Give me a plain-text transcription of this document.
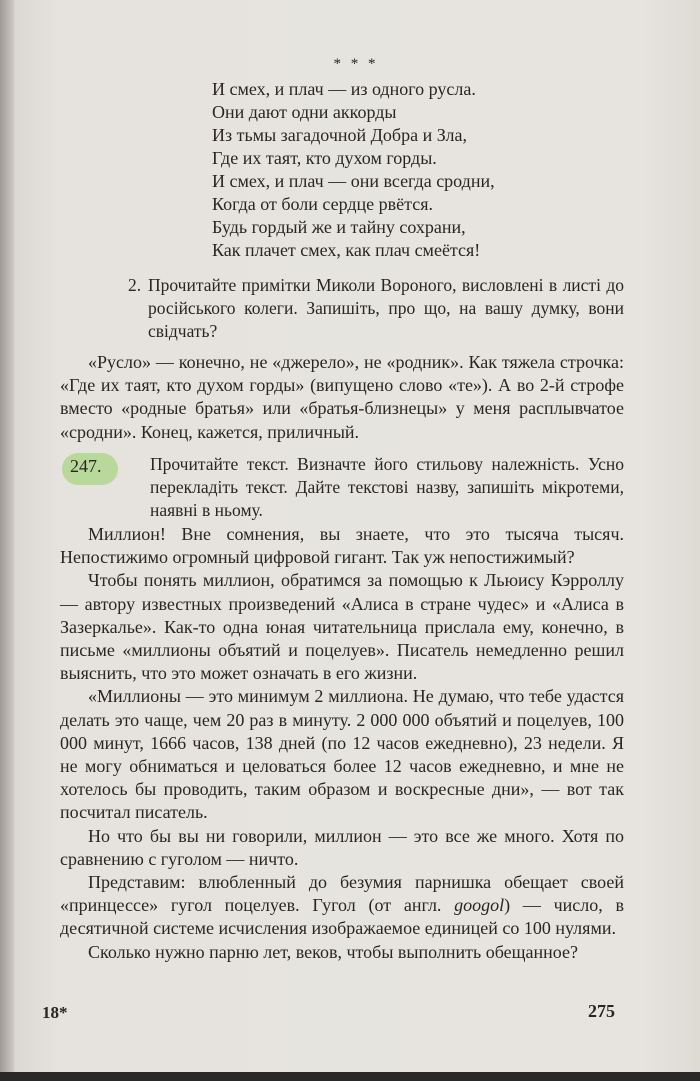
* * *
И смех, и плач — из одного русла.
Они дают одни аккорды
Из тьмы загадочной Добра и Зла,
Где их таят, кто духом горды.
И смех, и плач — они всегда сродни,
Когда от боли сердце рвётся.
Будь гордый же и тайну сохрани,
Как плачет смех, как плач смеётся!
2. Прочитайте примітки Миколи Вороного, висловлені в листі до російського колеги. Запишіть, про що, на вашу думку, вони свідчать?

«Русло» — конечно, не «джерело», не «родник». Как тяжела строчка: «Где их таят, кто духом горды» (випущено слово «те»). А во 2-й строфе вместо «родные братья» или «братья-близнецы» у меня расплывчатое «сродни». Конец, кажется, приличный.

247.	Прочитайте текст. Визначте його стильову належність. Усно перекладіть текст. Дайте текстові назву, запишіть мікротеми, наявні в ньому.

Миллион! Вне сомнения, вы знаете, что это тысяча тысяч. Непостижимо огромный цифровой гигант. Так уж непостижимый?

Чтобы понять миллион, обратимся за помощью к Льюису Кэрроллу — автору известных произведений «Алиса в стране чудес» и «Алиса в Зазеркалье». Как-то одна юная читательница прислала ему, конечно, в письме «миллионы объятий и поцелуев». Писатель немедленно решил выяснить, что это может означать в его жизни.

«Миллионы — это минимум 2 миллиона. Не думаю, что тебе удастся делать это чаще, чем 20 раз в минуту. 2 000 000 объятий и поцелуев, 100 000 минут, 1666 часов, 138 дней (по 12 часов ежедневно), 23 недели. Я не могу обниматься и целоваться более 12 часов ежедневно, и мне не хотелось бы проводить, таким образом и воскресные дни», — вот так посчитал писатель.

Но что бы вы ни говорили, миллион — это все же много. Хотя по сравнению с гуголом — ничто.

Представим: влюбленный до безумия парнишка обещает своей «принцессе» гугол поцелуев. Гугол (от англ. googol) — число, в десятичной системе исчисления изображаемое единицей со 100 нулями.

Сколько нужно парню лет, веков, чтобы выполнить обещанное?

18*	275
